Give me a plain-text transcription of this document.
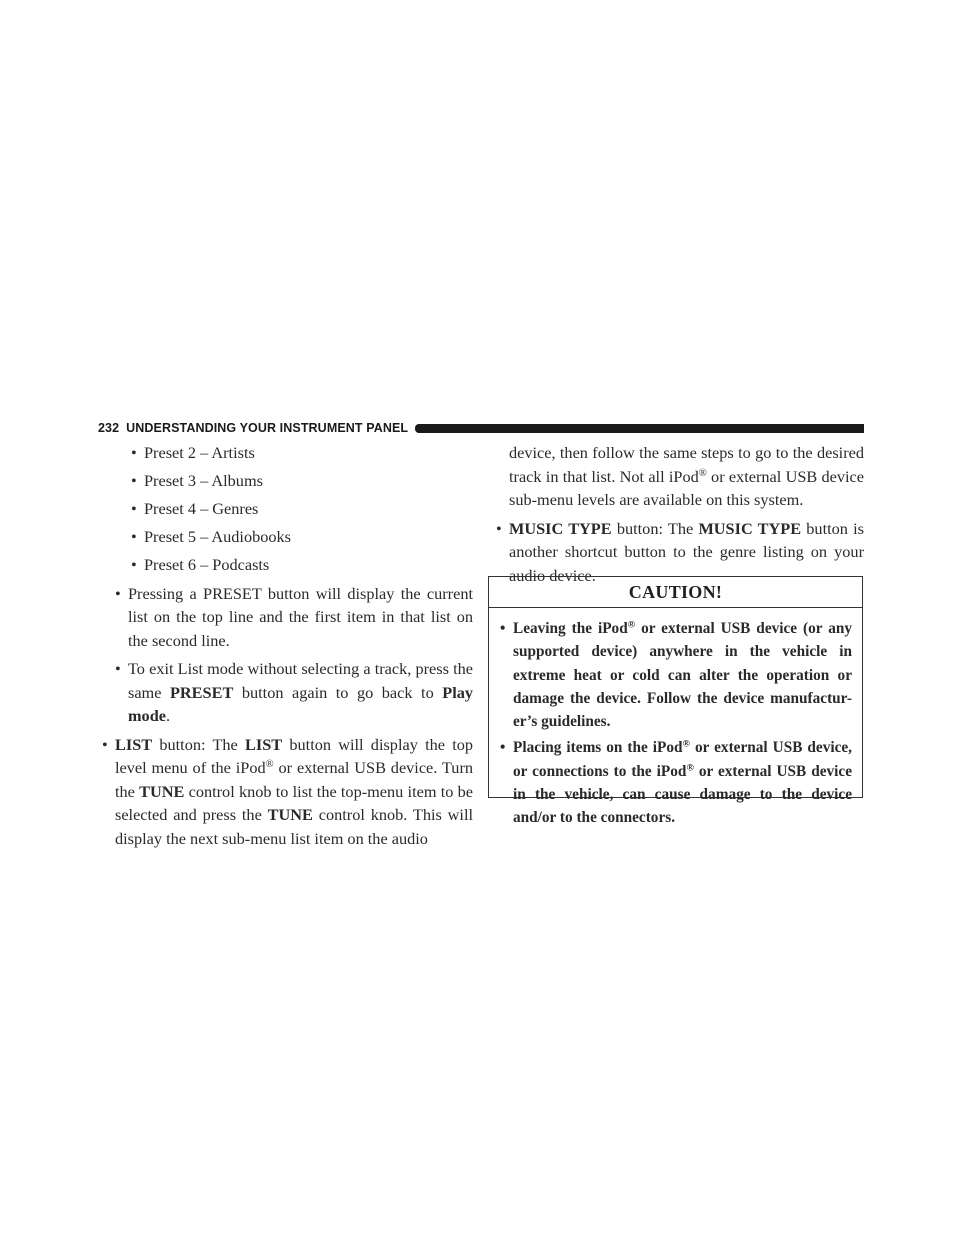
232 UNDERSTANDING YOUR INSTRUMENT PANEL
• Preset 2 – Artists
• Preset 3 – Albums
• Preset 4 – Genres
• Preset 5 – Audiobooks
• Preset 6 – Podcasts
• Pressing a PRESET button will display the current list on the top line and the first item in that list on the second line.
• To exit List mode without selecting a track, press the same PRESET button again to go back to Play mode.
• LIST button: The LIST button will display the top level menu of the iPod® or external USB device. Turn the TUNE control knob to list the top-menu item to be selected and press the TUNE control knob. This will display the next sub-menu list item on the audio
device, then follow the same steps to go to the desired track in that list. Not all iPod® or external USB device sub-menu levels are available on this system.
• MUSIC TYPE button: The MUSIC TYPE button is another shortcut button to the genre listing on your audio device.
CAUTION!
• Leaving the iPod® or external USB device (or any supported device) anywhere in the vehicle in extreme heat or cold can alter the operation or damage the device. Follow the device manufactur-er’s guidelines.
• Placing items on the iPod® or external USB device, or connections to the iPod® or external USB device in the vehicle, can cause damage to the device and/or to the connectors.
